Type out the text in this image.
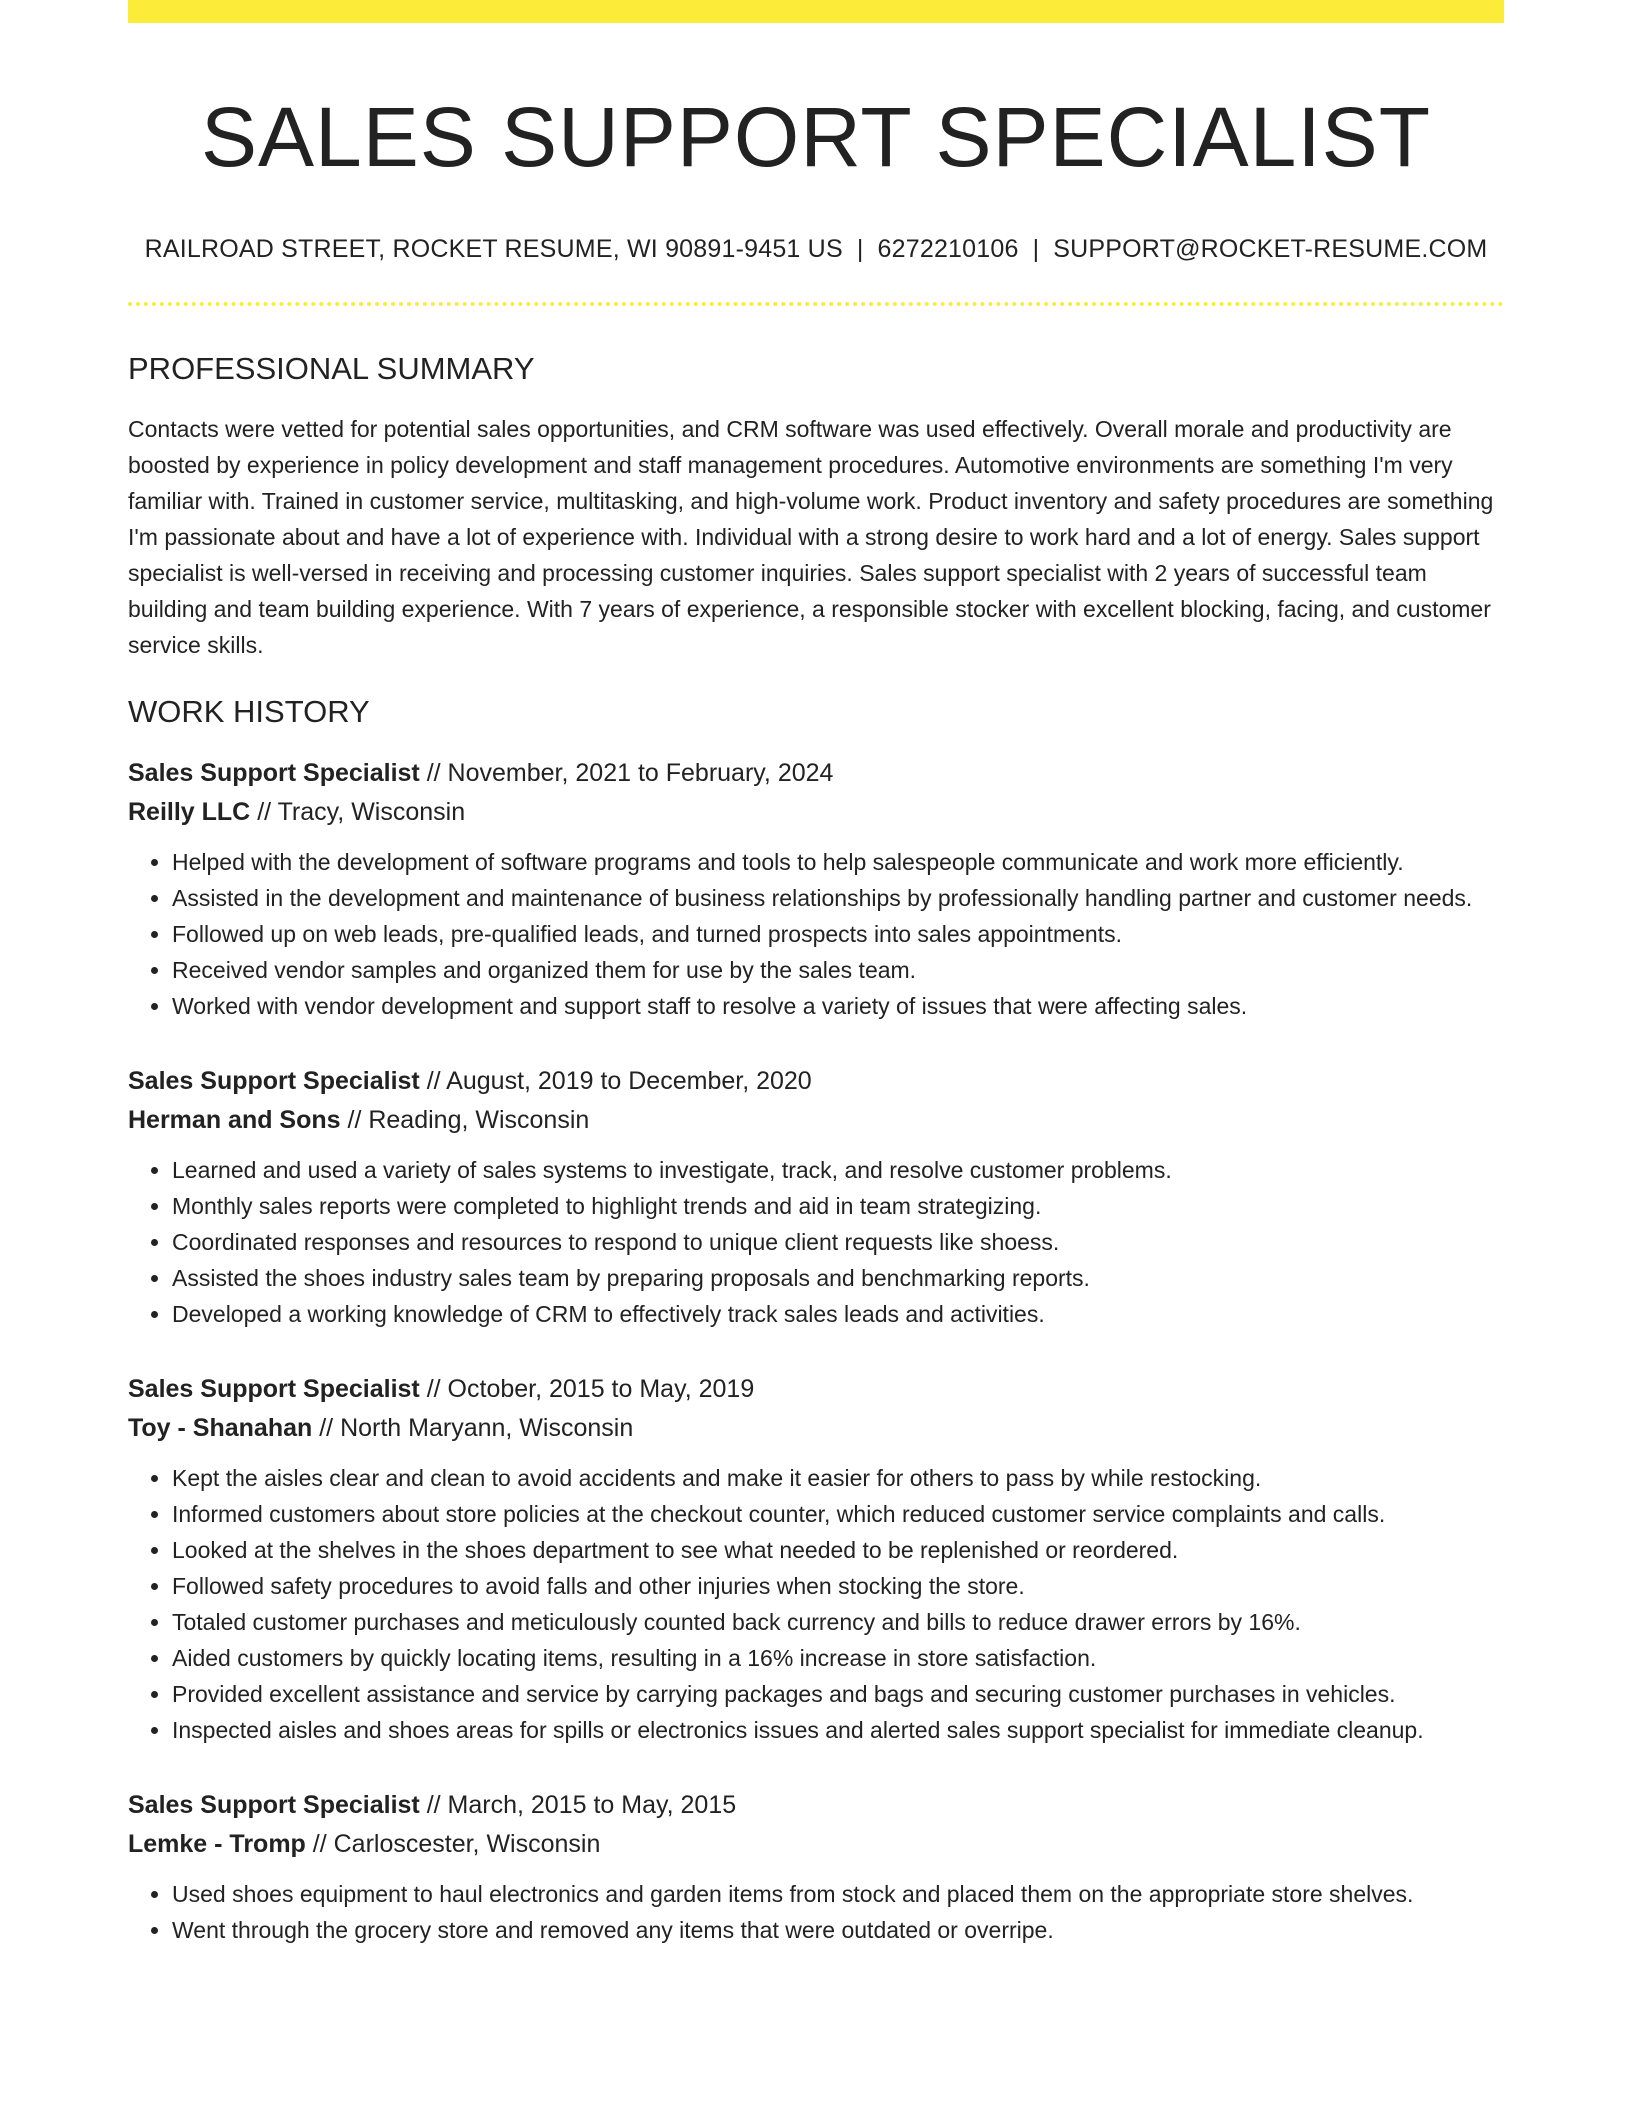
SALES SUPPORT SPECIALIST
RAILROAD STREET, ROCKET RESUME, WI 90891-9451 US | 6272210106 | SUPPORT@ROCKET-RESUME.COM
PROFESSIONAL SUMMARY

Contacts were vetted for potential sales opportunities, and CRM software was used effectively. Overall morale and productivity are boosted by experience in policy development and staff management procedures. Automotive environments are something I'm very familiar with. Trained in customer service, multitasking, and high-volume work. Product inventory and safety procedures are something I'm passionate about and have a lot of experience with. Individual with a strong desire to work hard and a lot of energy. Sales support specialist is well-versed in receiving and processing customer inquiries. Sales support specialist with 2 years of successful team building and team building experience. With 7 years of experience, a responsible stocker with excellent blocking, facing, and customer service skills.

WORK HISTORY
Sales Support Specialist // November, 2021 to February, 2024
Reilly LLC // Tracy, Wisconsin
• Helped with the development of software programs and tools to help salespeople communicate and work more efficiently.
• Assisted in the development and maintenance of business relationships by professionally handling partner and customer needs.
• Followed up on web leads, pre-qualified leads, and turned prospects into sales appointments.
• Received vendor samples and organized them for use by the sales team.
• Worked with vendor development and support staff to resolve a variety of issues that were affecting sales.
Sales Support Specialist // August, 2019 to December, 2020
Herman and Sons // Reading, Wisconsin
• Learned and used a variety of sales systems to investigate, track, and resolve customer problems.
• Monthly sales reports were completed to highlight trends and aid in team strategizing.
• Coordinated responses and resources to respond to unique client requests like shoess.
• Assisted the shoes industry sales team by preparing proposals and benchmarking reports.
• Developed a working knowledge of CRM to effectively track sales leads and activities.
Sales Support Specialist // October, 2015 to May, 2019
Toy - Shanahan // North Maryann, Wisconsin
• Kept the aisles clear and clean to avoid accidents and make it easier for others to pass by while restocking.
• Informed customers about store policies at the checkout counter, which reduced customer service complaints and calls.
• Looked at the shelves in the shoes department to see what needed to be replenished or reordered.
• Followed safety procedures to avoid falls and other injuries when stocking the store.
• Totaled customer purchases and meticulously counted back currency and bills to reduce drawer errors by 16%.
• Aided customers by quickly locating items, resulting in a 16% increase in store satisfaction.
• Provided excellent assistance and service by carrying packages and bags and securing customer purchases in vehicles.
• Inspected aisles and shoes areas for spills or electronics issues and alerted sales support specialist for immediate cleanup.
Sales Support Specialist // March, 2015 to May, 2015
Lemke - Tromp // Carloscester, Wisconsin
• Used shoes equipment to haul electronics and garden items from stock and placed them on the appropriate store shelves.
• Went through the grocery store and removed any items that were outdated or overripe.
